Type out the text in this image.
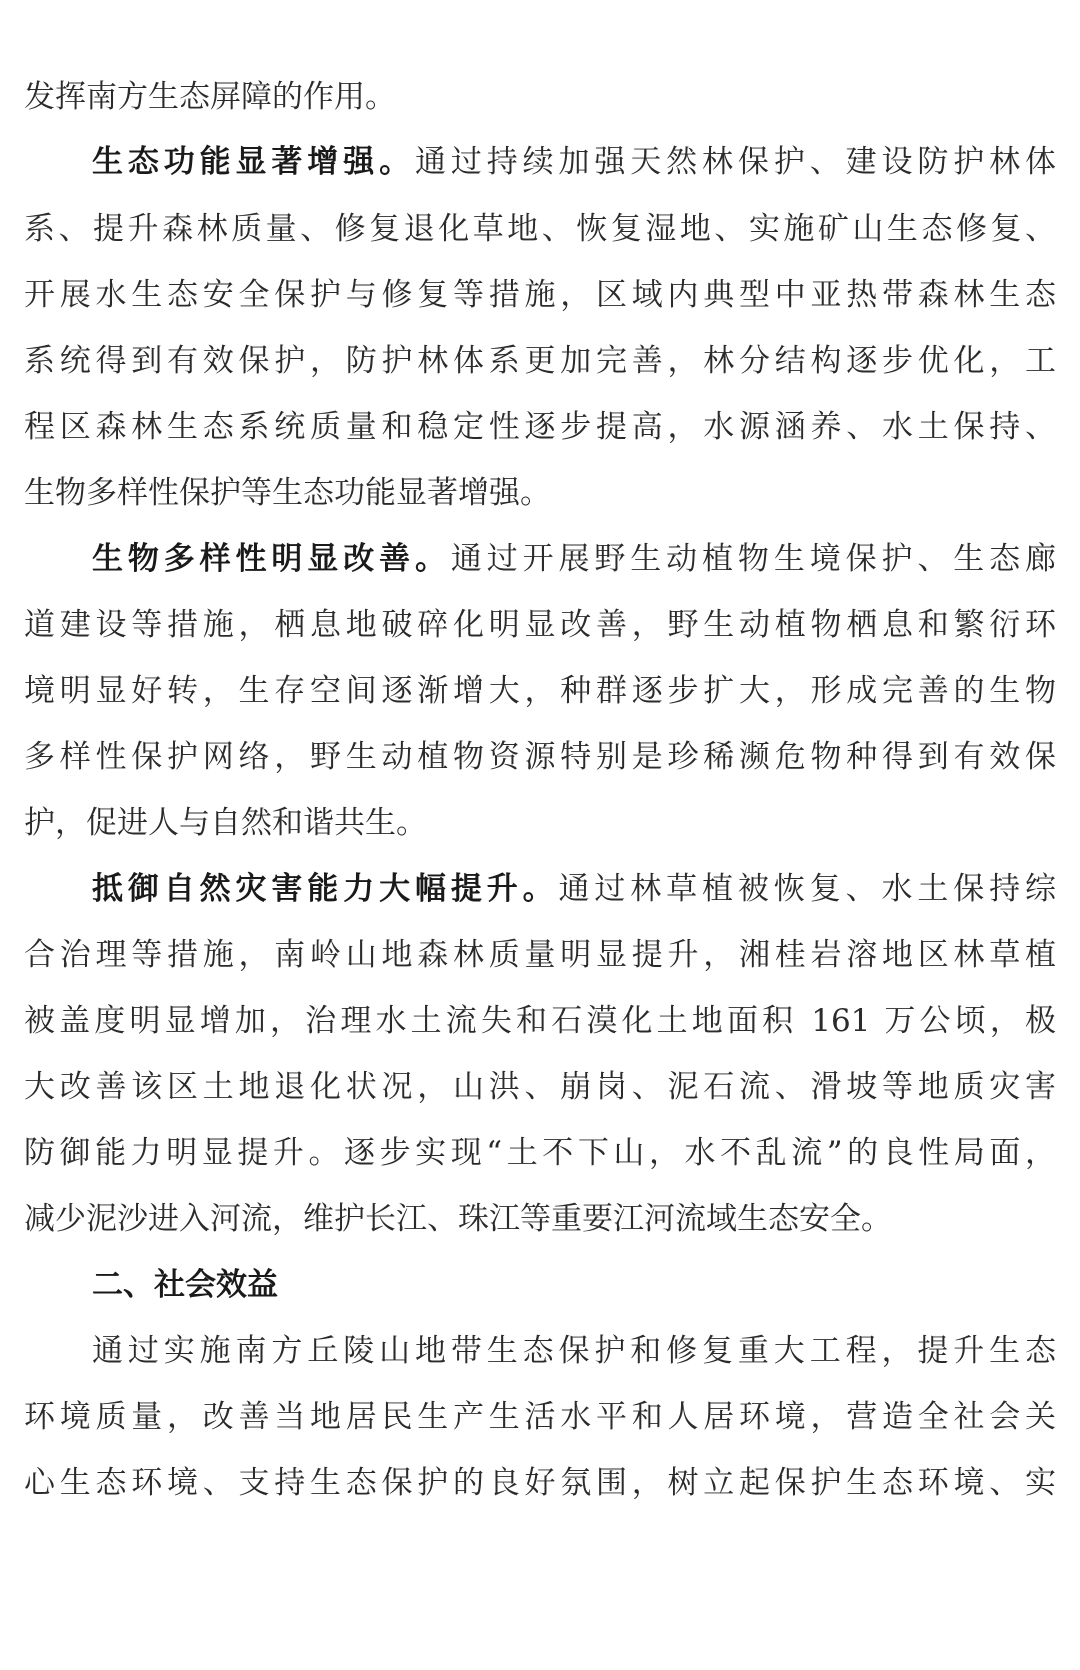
发挥南方生态屏障的作用。
生态功能显著增强。通过持续加强天然林保护、建设防护林体
系、提升森林质量、修复退化草地、恢复湿地、实施矿山生态修复、
开展水生态安全保护与修复等措施，区域内典型中亚热带森林生态
系统得到有效保护，防护林体系更加完善，林分结构逐步优化，工
程区森林生态系统质量和稳定性逐步提高，水源涵养、水土保持、
生物多样性保护等生态功能显著增强。
生物多样性明显改善。通过开展野生动植物生境保护、生态廊
道建设等措施，栖息地破碎化明显改善，野生动植物栖息和繁衍环
境明显好转，生存空间逐渐增大，种群逐步扩大，形成完善的生物
多样性保护网络，野生动植物资源特别是珍稀濒危物种得到有效保
护，促进人与自然和谐共生。
抵御自然灾害能力大幅提升。通过林草植被恢复、水土保持综
合治理等措施，南岭山地森林质量明显提升，湘桂岩溶地区林草植
被盖度明显增加，治理水土流失和石漠化土地面积 161 万公顷，极
大改善该区土地退化状况，山洪、崩岗、泥石流、滑坡等地质灾害
防御能力明显提升。逐步实现“土不下山，水不乱流”的良性局面，
减少泥沙进入河流，维护长江、珠江等重要江河流域生态安全。
二、社会效益
通过实施南方丘陵山地带生态保护和修复重大工程，提升生态
环境质量，改善当地居民生产生活水平和人居环境，营造全社会关
心生态环境、支持生态保护的良好氛围，树立起保护生态环境、实
